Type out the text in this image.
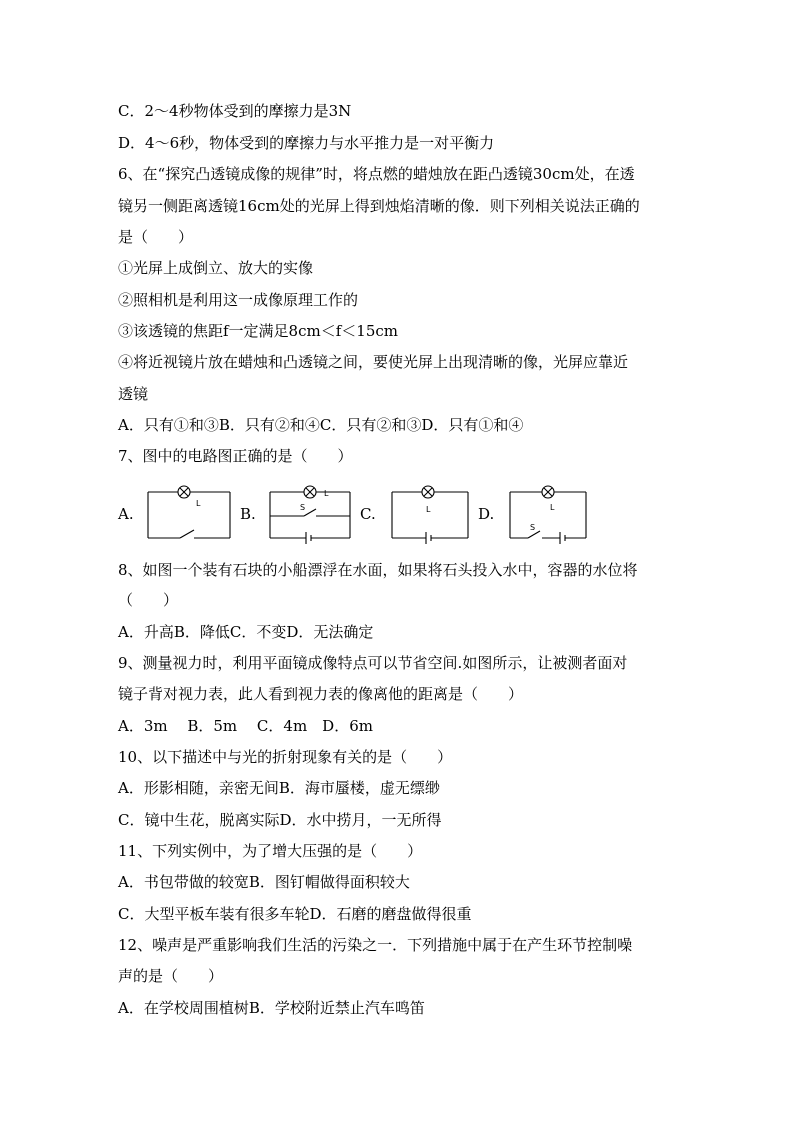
C．2～4秒物体受到的摩擦力是3N
D．4～6秒，物体受到的摩擦力与水平推力是一对平衡力
6、在“探究凸透镜成像的规律”时，将点燃的蜡烛放在距凸透镜30cm处，在透
镜另一侧距离透镜16cm处的光屏上得到烛焰清晰的像．则下列相关说法正确的
是（　　）
①光屏上成倒立、放大的实像
②照相机是利用这一成像原理工作的
③该透镜的焦距f一定满足8cm＜f＜15cm
④将近视镜片放在蜡烛和凸透镜之间，要使光屏上出现清晰的像，光屏应靠近
透镜
A．只有①和③B．只有②和④C．只有②和③D．只有①和④
7、图中的电路图正确的是（　　）
A.
L
B.
L
S	C.	L	D.	L
S
8、如图一个装有石块的小船漂浮在水面，如果将石头投入水中，容器的水位将
（　　）
A．升高B．降低C．不变D．无法确定
9、测量视力时，利用平面镜成像特点可以节省空间.如图所示，让被测者面对
镜子背对视力表，此人看到视力表的像离他的距离是（　　）
A．3m　 B．5m　 C．4m　D．6m
10、以下描述中与光的折射现象有关的是（　　）
A．形影相随，亲密无间B．海市蜃楼，虚无缥缈
C．镜中生花，脱离实际D．水中捞月，一无所得
11、下列实例中，为了增大压强的是（　　）
A．书包带做的较宽B．图钉帽做得面积较大
C．大型平板车装有很多车轮D．石磨的磨盘做得很重
12、噪声是严重影响我们生活的污染之一．下列措施中属于在产生环节控制噪
声的是（　　）
A．在学校周围植树B．学校附近禁止汽车鸣笛
